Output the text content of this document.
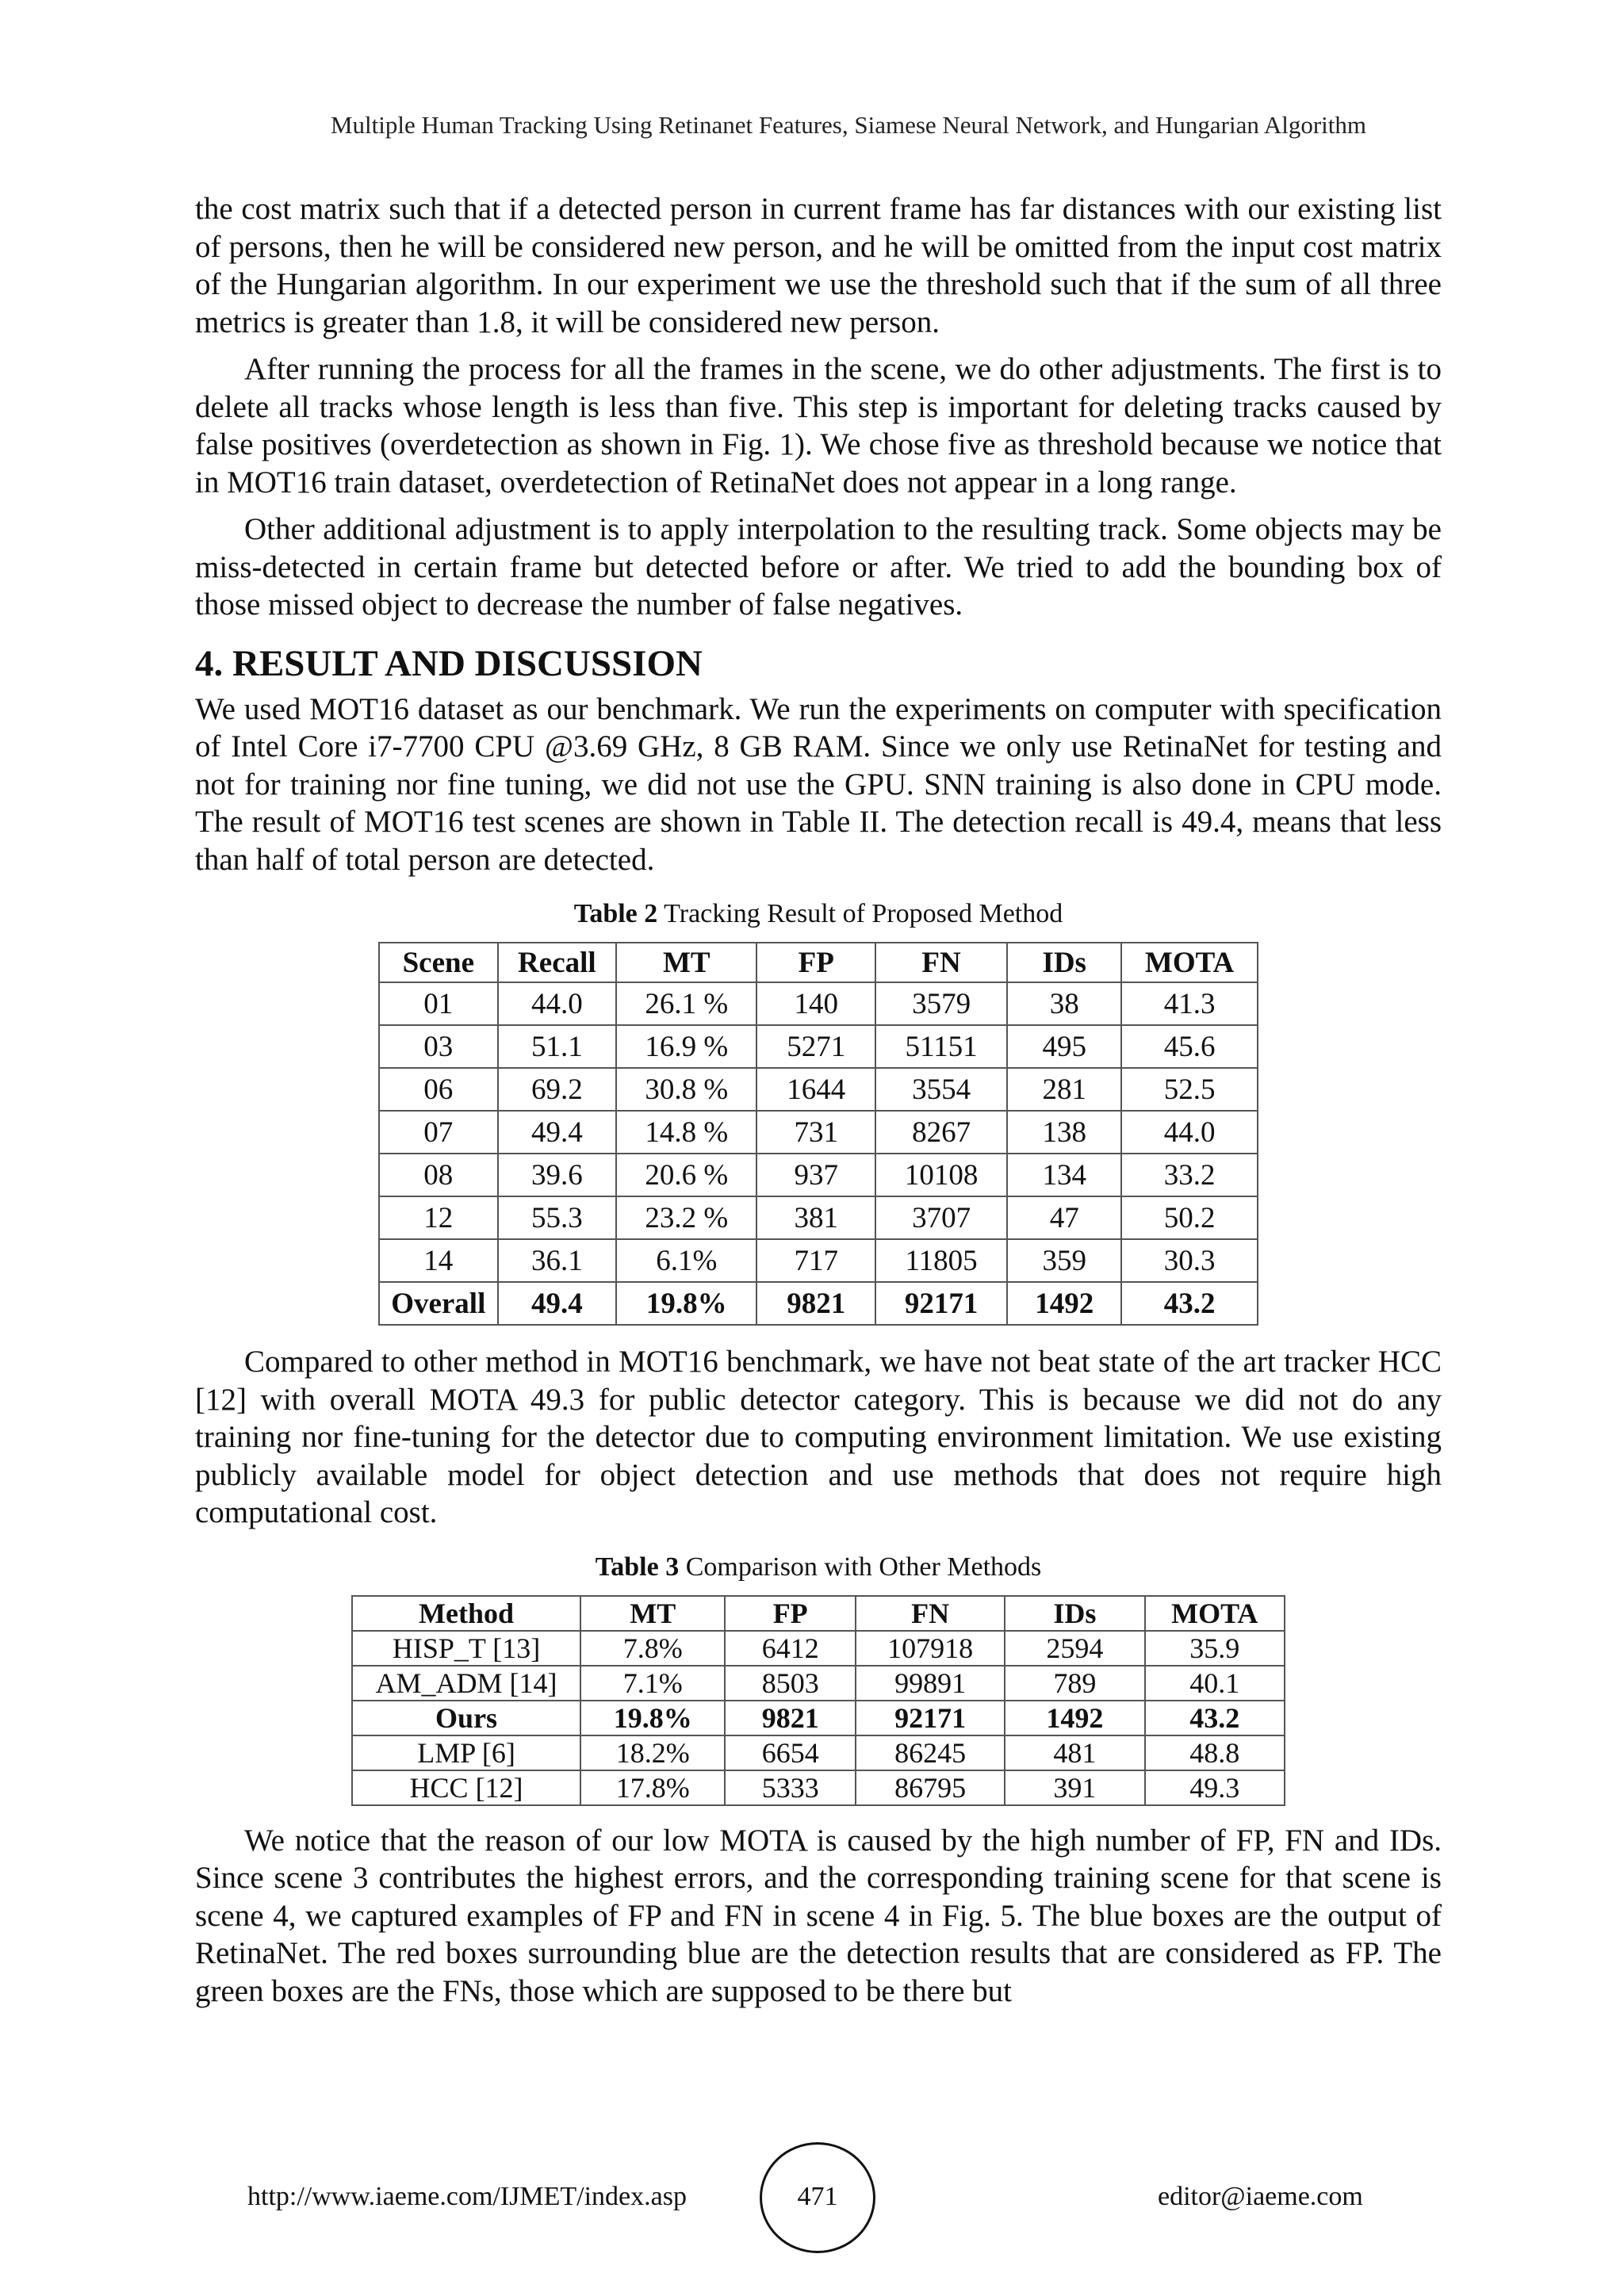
Multiple Human Tracking Using Retinanet Features, Siamese Neural Network, and Hungarian Algorithm

the cost matrix such that if a detected person in current frame has far distances with our existing list of persons, then he will be considered new person, and he will be omitted from the input cost matrix of the Hungarian algorithm. In our experiment we use the threshold such that if the sum of all three metrics is greater than 1.8, it will be considered new person.

After running the process for all the frames in the scene, we do other adjustments. The first is to delete all tracks whose length is less than five. This step is important for deleting tracks caused by false positives (overdetection as shown in Fig. 1). We chose five as threshold because we notice that in MOT16 train dataset, overdetection of RetinaNet does not appear in a long range.

Other additional adjustment is to apply interpolation to the resulting track. Some objects may be miss-detected in certain frame but detected before or after. We tried to add the bounding box of those missed object to decrease the number of false negatives.

4. RESULT AND DISCUSSION

We used MOT16 dataset as our benchmark. We run the experiments on computer with specification of Intel Core i7-7700 CPU @3.69 GHz, 8 GB RAM. Since we only use RetinaNet for testing and not for training nor fine tuning, we did not use the GPU. SNN training is also done in CPU mode. The result of MOT16 test scenes are shown in Table II. The detection recall is 49.4, means that less than half of total person are detected.

Table 2 Tracking Result of Proposed Method
Scene	Recall	MT	FP	FN	IDs	MOTA
01	44.0	26.1 %	140	3579	38	41.3
03	51.1	16.9 %	5271	51151	495	45.6
06	69.2	30.8 %	1644	3554	281	52.5
07	49.4	14.8 %	731	8267	138	44.0
08	39.6	20.6 %	937	10108	134	33.2
12	55.3	23.2 %	381	3707	47	50.2
14	36.1	6.1%	717	11805	359	30.3
Overall	49.4	19.8%	9821	92171	1492	43.2

Compared to other method in MOT16 benchmark, we have not beat state of the art tracker HCC [12] with overall MOTA 49.3 for public detector category. This is because we did not do any training nor fine-tuning for the detector due to computing environment limitation. We use existing publicly available model for object detection and use methods that does not require high computational cost.

Table 3 Comparison with Other Methods
Method	MT	FP	FN	IDs	MOTA
HISP_T [13]	7.8%	6412	107918	2594	35.9
AM_ADM [14]	7.1%	8503	99891	789	40.1
Ours	19.8%	9821	92171	1492	43.2
LMP [6]	18.2%	6654	86245	481	48.8
HCC [12]	17.8%	5333	86795	391	49.3

We notice that the reason of our low MOTA is caused by the high number of FP, FN and IDs. Since scene 3 contributes the highest errors, and the corresponding training scene for that scene is scene 4, we captured examples of FP and FN in scene 4 in Fig. 5. The blue boxes are the output of RetinaNet. The red boxes surrounding blue are the detection results that are considered as FP. The green boxes are the FNs, those which are supposed to be there but

http://www.iaeme.com/IJMET/index.asp	471	editor@iaeme.com
